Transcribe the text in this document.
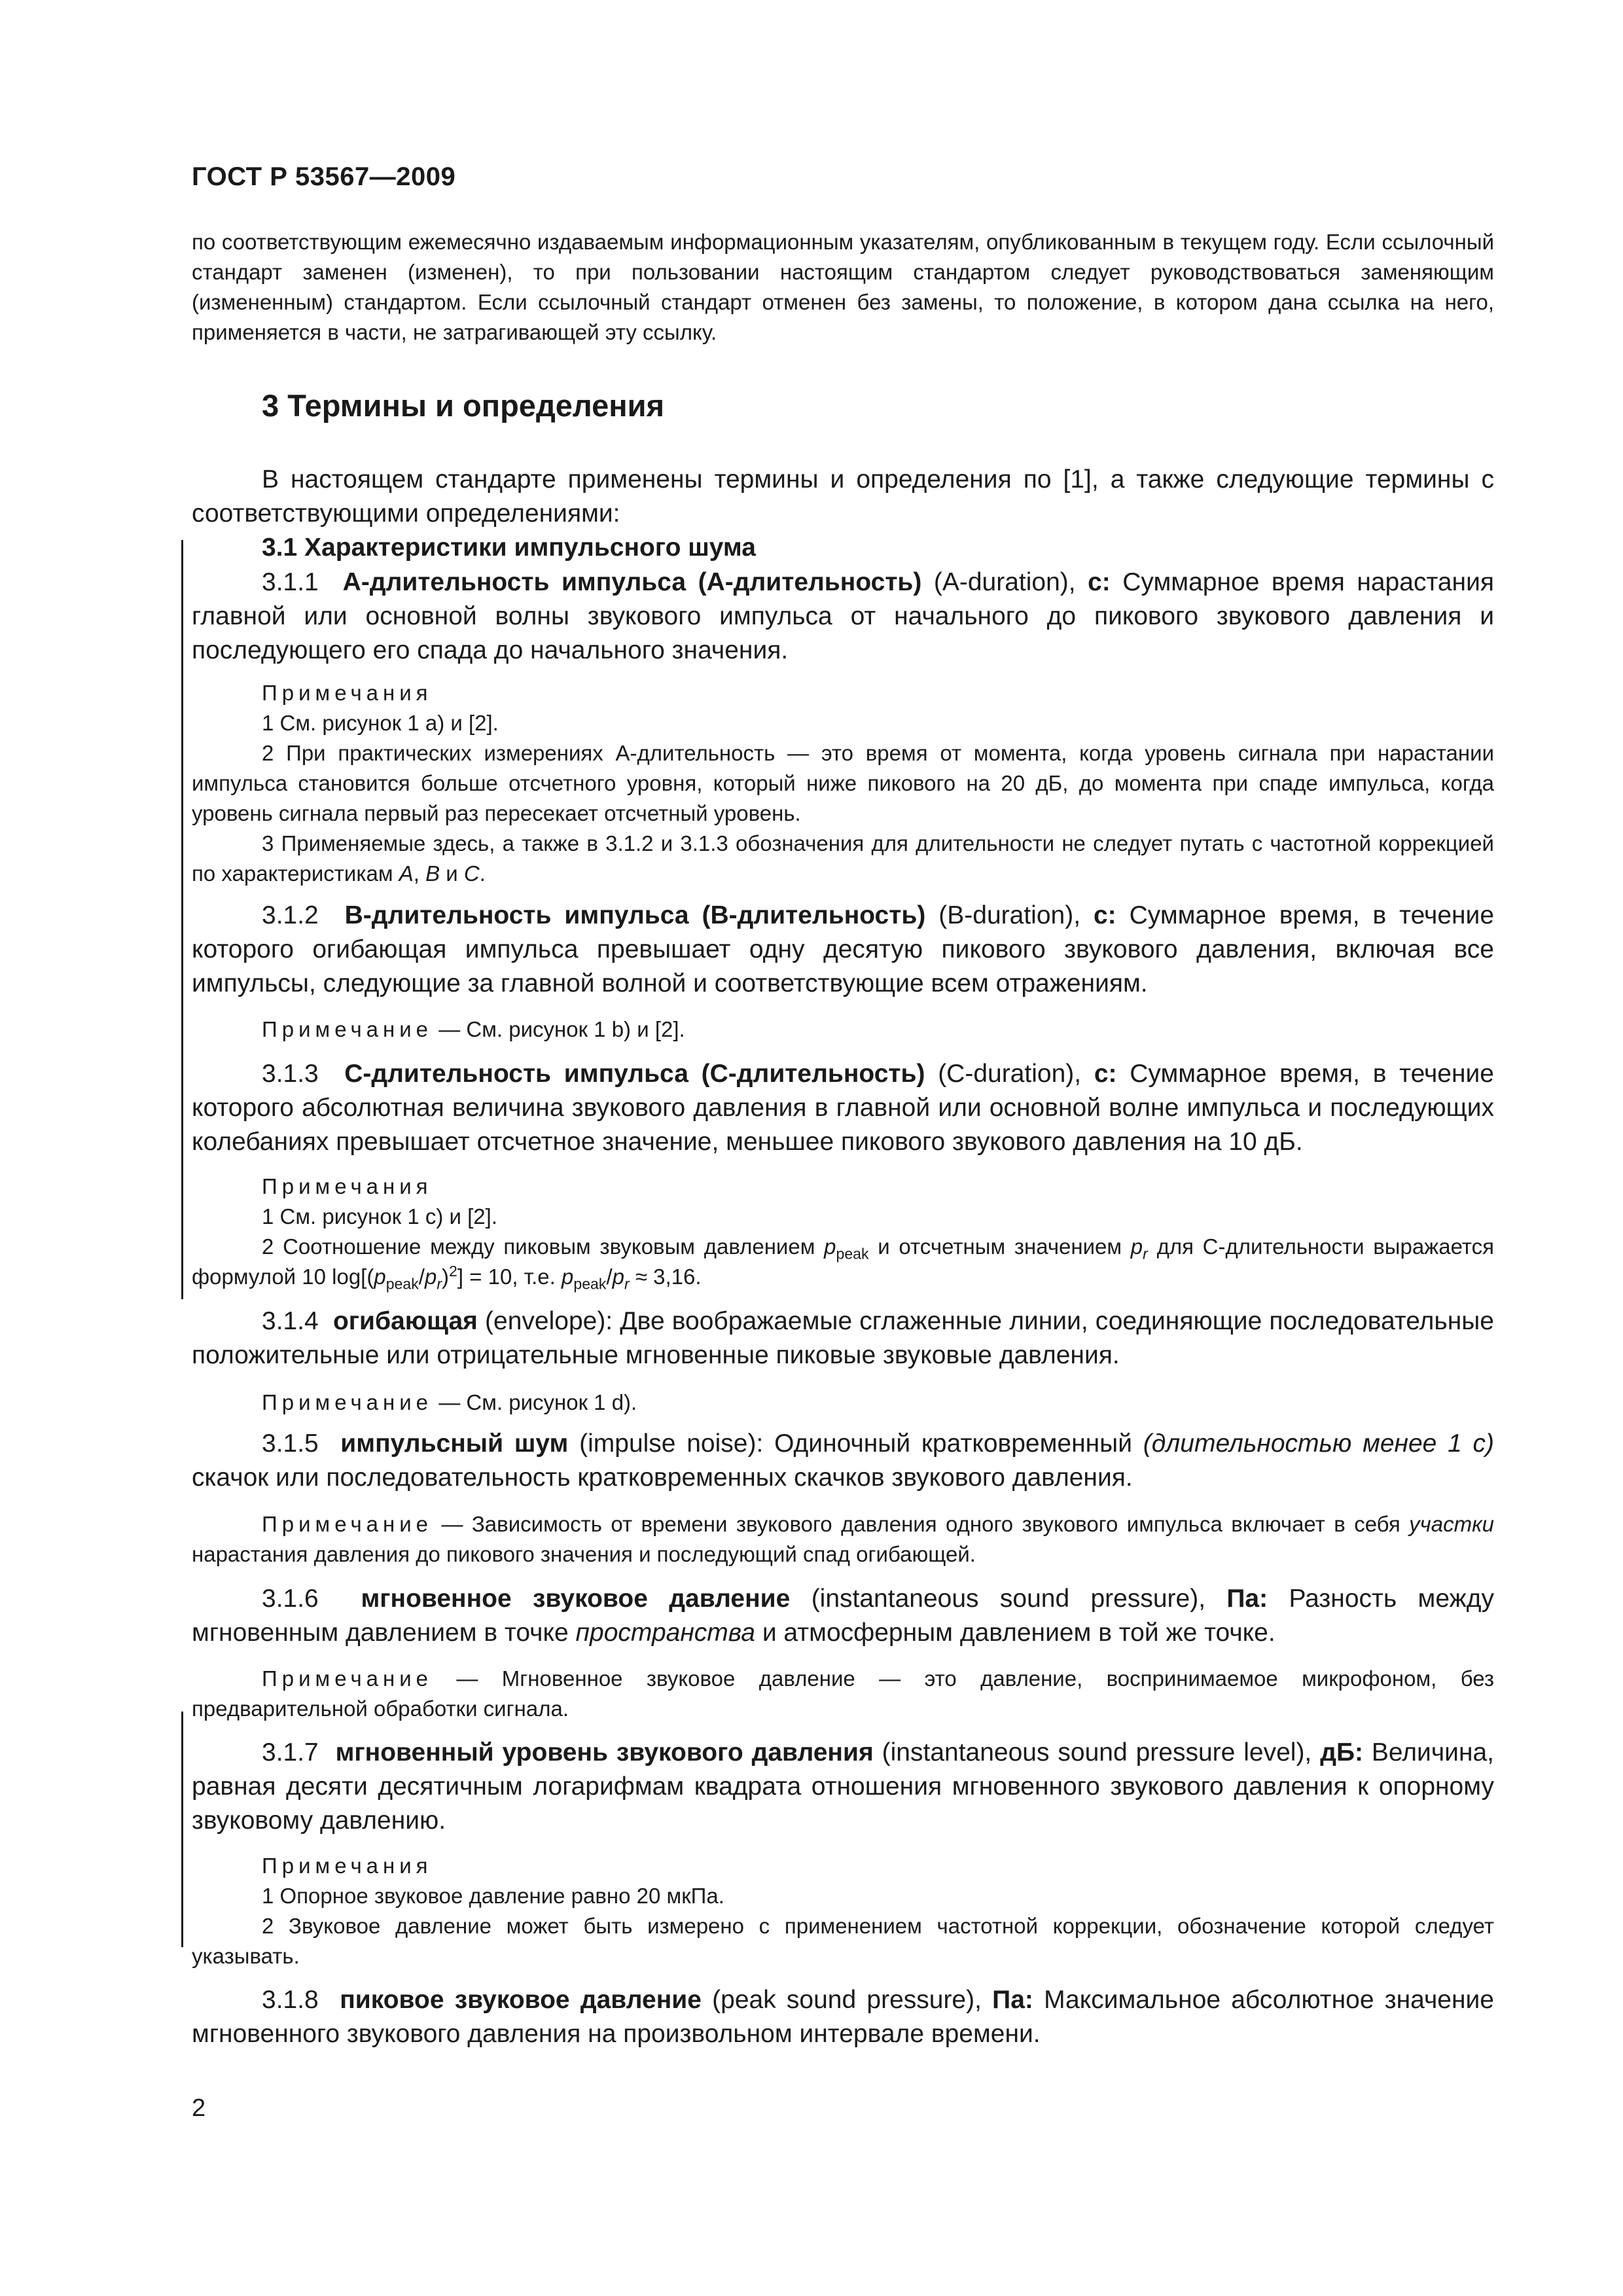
ГОСТ Р 53567—2009

по соответствующим ежемесячно издаваемым информационным указателям, опубликованным в текущем году. Если ссылочный стандарт заменен (изменен), то при пользовании настоящим стандартом следует руководствоваться заменяющим (измененным) стандартом. Если ссылочный стандарт отменен без замены, то положение, в котором дана ссылка на него, применяется в части, не затрагивающей эту ссылку.

3 Термины и определения

В настоящем стандарте применены термины и определения по [1], а также следующие термины с соответствующими определениями:

3.1 Характеристики импульсного шума

3.1.1 А-длительность импульса (А-длительность) (A-duration), с: Суммарное время нарастания главной или основной волны звукового импульса от начального до пикового звукового давления и последующего его спада до начального значения.

Примечания

1 См. рисунок 1 а) и [2].

2 При практических измерениях А-длительность — это время от момента, когда уровень сигнала при нарастании импульса становится больше отсчетного уровня, который ниже пикового на 20 дБ, до момента при спаде импульса, когда уровень сигнала первый раз пересекает отсчетный уровень.

3 Применяемые здесь, а также в 3.1.2 и 3.1.3 обозначения для длительности не следует путать с частотной коррекцией по характеристикам A, B и C.

3.1.2 В-длительность импульса (В-длительность) (B-duration), с: Суммарное время, в течение которого огибающая импульса превышает одну десятую пикового звукового давления, включая все импульсы, следующие за главной волной и соответствующие всем отражениям.

Примечание — См. рисунок 1 b) и [2].

3.1.3 С-длительность импульса (С-длительность) (C-duration), с: Суммарное время, в течение которого абсолютная величина звукового давления в главной или основной волне импульса и последующих колебаниях превышает отсчетное значение, меньшее пикового звукового давления на 10 дБ.

Примечания

1 См. рисунок 1 с) и [2].

2 Соотношение между пиковым звуковым давлением $p_{peak}$ и отсчетным значением $p_r$ для С-длительности выражается формулой 10 $\log[(p_{peak}/p_r)^2] = 10$, т.е. $p_{peak}/p_r \approx 3,16$.

3.1.4 огибающая (envelope): Две воображаемые сглаженные линии, соединяющие последовательные положительные или отрицательные мгновенные пиковые звуковые давления.

Примечание — См. рисунок 1 d).

3.1.5 импульсный шум (impulse noise): Одиночный кратковременный (длительностью менее 1 с) скачок или последовательность кратковременных скачков звукового давления.

Примечание — Зависимость от времени звукового давления одного звукового импульса включает в себя участки нарастания давления до пикового значения и последующий спад огибающей.

3.1.6 мгновенное звуковое давление (instantaneous sound pressure), Па: Разность между мгновенным давлением в точке пространства и атмосферным давлением в той же точке.

Примечание — Мгновенное звуковое давление — это давление, воспринимаемое микрофоном, без предварительной обработки сигнала.

3.1.7 мгновенный уровень звукового давления (instantaneous sound pressure level), дБ: Величина, равная десяти десятичным логарифмам квадрата отношения мгновенного звукового давления к опорному звуковому давлению.

Примечания

1 Опорное звуковое давление равно 20 мкПа.

2 Звуковое давление может быть измерено с применением частотной коррекции, обозначение которой следует указывать.

3.1.8 пиковое звуковое давление (peak sound pressure), Па: Максимальное абсолютное значение мгновенного звукового давления на произвольном интервале времени.

2
